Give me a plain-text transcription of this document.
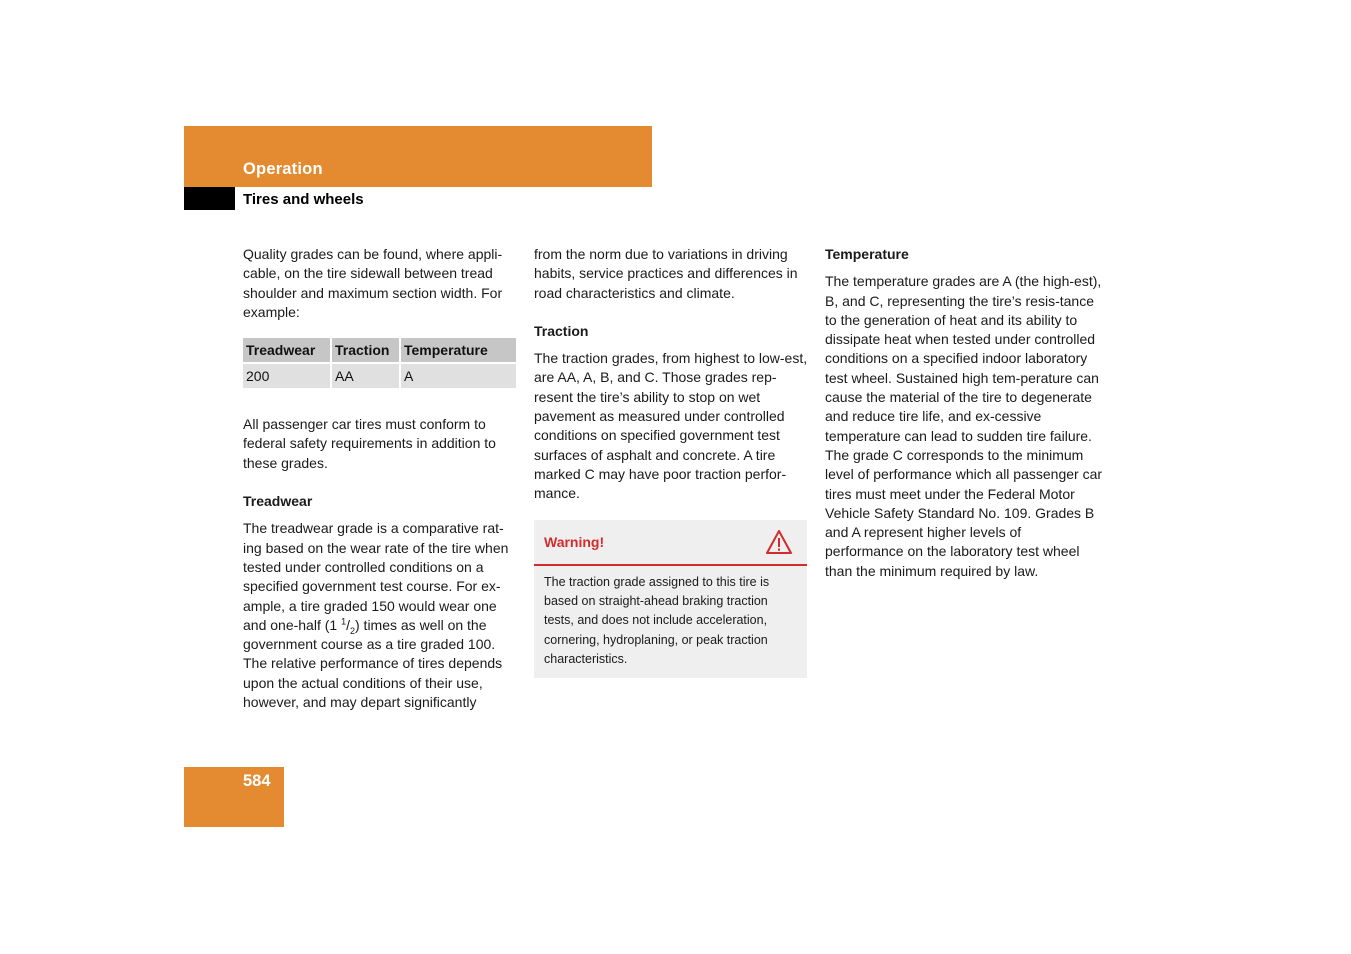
Operation
Tires and wheels

Quality grades can be found, where appli-cable, on the tire sidewall between tread shoulder and maximum section width. For example:

Treadwear	Traction	Temperature
200	AA	A

All passenger car tires must conform to federal safety requirements in addition to these grades.

Treadwear

The treadwear grade is a comparative rat-ing based on the wear rate of the tire when tested under controlled conditions on a specified government test course. For ex-ample, a tire graded 150 would wear one and one-half (1 $^1/_2$) times as well on the government course as a tire graded 100. The relative performance of tires depends upon the actual conditions of their use, however, and may depart significantly

from the norm due to variations in driving habits, service practices and differences in road characteristics and climate.

Traction

The traction grades, from highest to low-est, are AA, A, B, and C. Those grades rep-resent the tire’s ability to stop on wet pavement as measured under controlled conditions on specified government test surfaces of asphalt and concrete. A tire marked C may have poor traction perfor-mance.

Warning!
The traction grade assigned to this tire is based on straight-ahead braking traction tests, and does not include acceleration, cornering, hydroplaning, or peak traction characteristics.
Temperature

The temperature grades are A (the high-est), B, and C, representing the tire’s resis-tance to the generation of heat and its ability to dissipate heat when tested under controlled conditions on a specified indoor laboratory test wheel. Sustained high tem-perature can cause the material of the tire to degenerate and reduce tire life, and ex-cessive temperature can lead to sudden tire failure. The grade C corresponds to the minimum level of performance which all passenger car tires must meet under the Federal Motor Vehicle Safety Standard No. 109. Grades B and A represent higher levels of performance on the laboratory test wheel than the minimum required by law.

584
